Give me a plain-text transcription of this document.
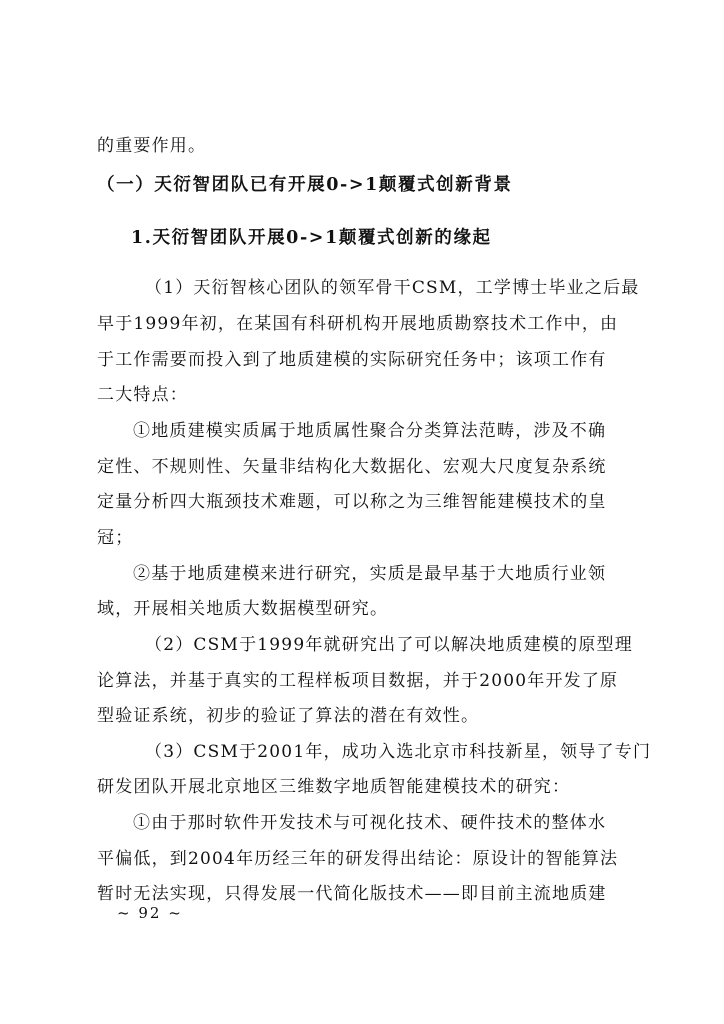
的重要作用。
（一）天衍智团队已有开展0->1颠覆式创新背景
1.天衍智团队开展0->1颠覆式创新的缘起
（1）天衍智核心团队的领军骨干CSM，工学博士毕业之后最
早于1999年初，在某国有科研机构开展地质勘察技术工作中，由
于工作需要而投入到了地质建模的实际研究任务中；该项工作有
二大特点：
①地质建模实质属于地质属性聚合分类算法范畴，涉及不确
定性、不规则性、矢量非结构化大数据化、宏观大尺度复杂系统
定量分析四大瓶颈技术难题，可以称之为三维智能建模技术的皇
冠；
②基于地质建模来进行研究，实质是最早基于大地质行业领
域，开展相关地质大数据模型研究。
（2）CSM于1999年就研究出了可以解决地质建模的原型理
论算法，并基于真实的工程样板项目数据，并于2000年开发了原
型验证系统，初步的验证了算法的潜在有效性。
（3）CSM于2001年，成功入选北京市科技新星，领导了专门
研发团队开展北京地区三维数字地质智能建模技术的研究：
①由于那时软件开发技术与可视化技术、硬件技术的整体水
平偏低，到2004年历经三年的研发得出结论：原设计的智能算法
暂时无法实现，只得发展一代简化版技术——即目前主流地质建
~ 92 ~
